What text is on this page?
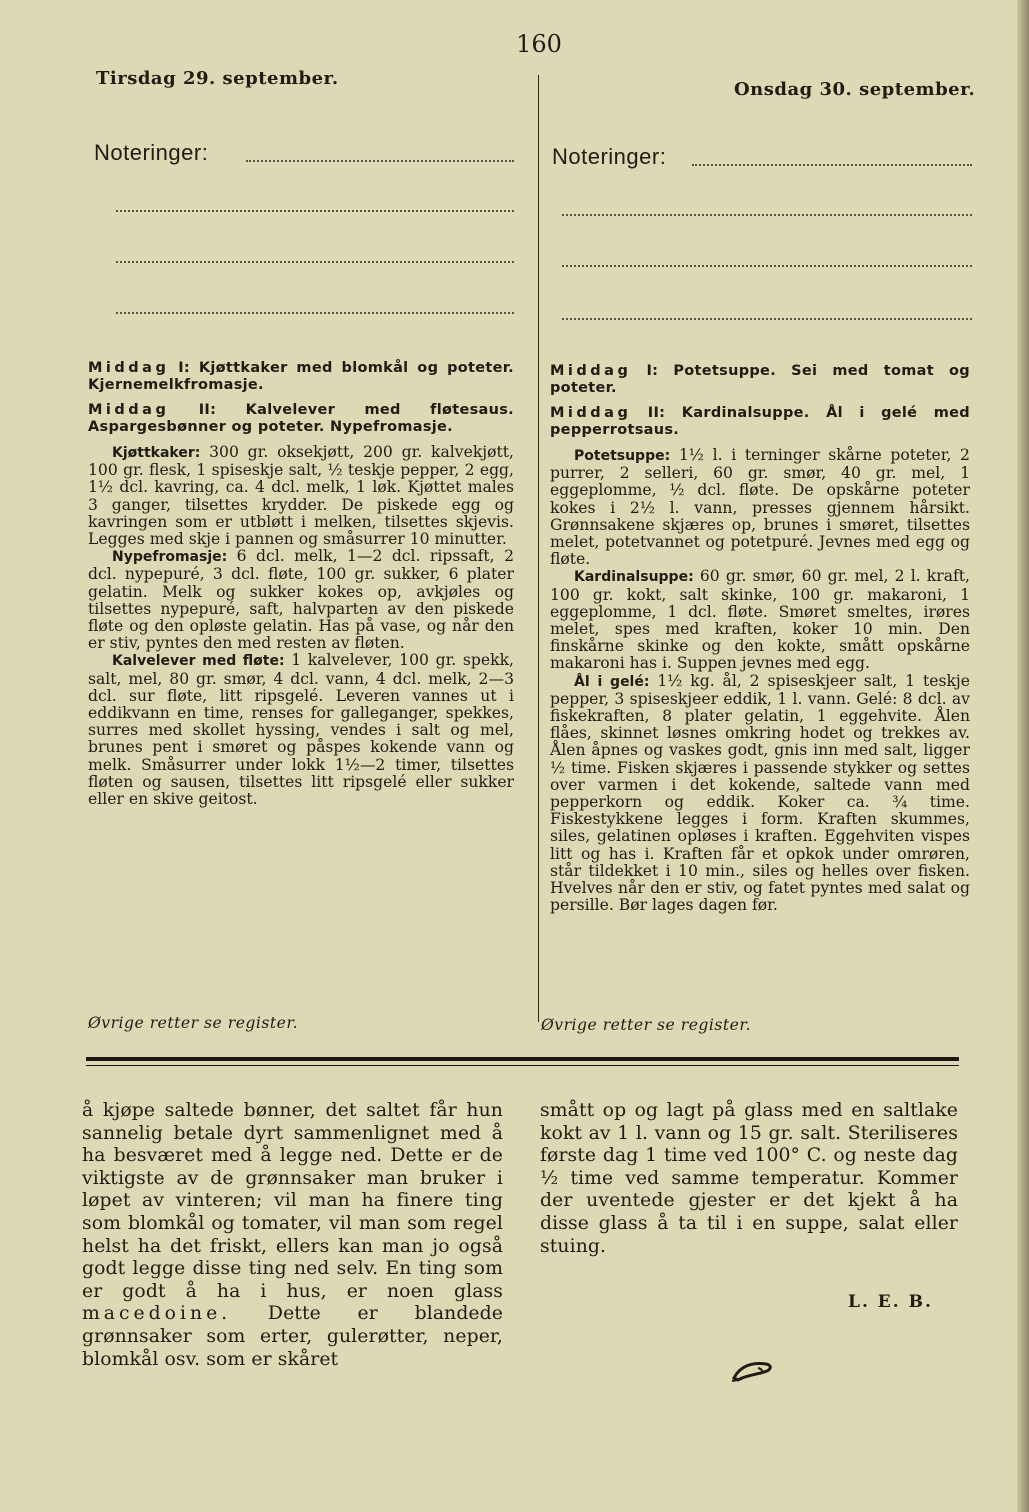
160
Tirsdag 29. september.
Noteringer:
Onsdag 30. september.
Noteringer:

Middag I: Kjøttkaker med blomkål og poteter. Kjernemelkfromasje.

Middag II: Kalvelever med fløtesaus. Aspargesbønner og poteter. Nypefromasje.

Kjøttkaker: 300 gr. oksekjøtt, 200 gr. kalvekjøtt, 100 gr. flesk, 1 spiseskje salt, ½ teskje pepper, 2 egg, 1½ dcl. kavring, ca. 4 dcl. melk, 1 løk. Kjøttet males 3 ganger, tilsettes krydder. De piskede egg og kavringen som er utbløtt i melken, tilsettes skjevis. Legges med skje i pannen og småsurrer 10 minutter.

Nypefromasje: 6 dcl. melk, 1—2 dcl. ripssaft, 2 dcl. nypepuré, 3 dcl. fløte, 100 gr. sukker, 6 plater gelatin. Melk og sukker kokes op, avkjøles og tilsettes nypepuré, saft, halvparten av den piskede fløte og den opløste gelatin. Has på vase, og når den er stiv, pyntes den med resten av fløten.

Kalvelever med fløte: 1 kalvelever, 100 gr. spekk, salt, mel, 80 gr. smør, 4 dcl. vann, 4 dcl. melk, 2—3 dcl. sur fløte, litt ripsgelé. Leveren vannes ut i eddikvann en time, renses for galleganger, spekkes, surres med skollet hyssing, vendes i salt og mel, brunes pent i smøret og påspes kokende vann og melk. Småsurrer under lokk 1½—2 timer, tilsettes fløten og sausen, tilsettes litt ripsgelé eller sukker eller en skive geitost.

Øvrige retter se register.

Middag I: Potetsuppe. Sei med tomat og poteter.

Middag II: Kardinalsuppe. Ål i gelé med pepperrotsaus.

Potetsuppe: 1½ l. i terninger skårne poteter, 2 purrer, 2 selleri, 60 gr. smør, 40 gr. mel, 1 eggeplomme, ½ dcl. fløte. De opskårne poteter kokes i 2½ l. vann, presses gjennem hårsikt. Grønnsakene skjæres op, brunes i smøret, tilsettes melet, potetvannet og potetpuré. Jevnes med egg og fløte.

Kardinalsuppe: 60 gr. smør, 60 gr. mel, 2 l. kraft, 100 gr. kokt, salt skinke, 100 gr. makaroni, 1 eggeplomme, 1 dcl. fløte. Smøret smeltes, irøres melet, spes med kraften, koker 10 min. Den finskårne skinke og den kokte, smått opskårne makaroni has i. Suppen jevnes med egg.

Ål i gelé: 1½ kg. ål, 2 spiseskjeer salt, 1 teskje pepper, 3 spiseskjeer eddik, 1 l. vann. Gelé: 8 dcl. av fiskekraften, 8 plater gelatin, 1 eggehvite. Ålen flåes, skinnet løsnes omkring hodet og trekkes av. Ålen åpnes og vaskes godt, gnis inn med salt, ligger ½ time. Fisken skjæres i passende stykker og settes over varmen i det kokende, saltede vann med pepperkorn og eddik. Koker ca. ¾ time. Fiskestykkene legges i form. Kraften skummes, siles, gelatinen opløses i kraften. Eggehviten vispes litt og has i. Kraften får et opkok under omrøren, står tildekket i 10 min., siles og helles over fisken. Hvelves når den er stiv, og fatet pyntes med salat og persille. Bør lages dagen før.

Øvrige retter se register.

å kjøpe saltede bønner, det saltet får hun sannelig betale dyrt sammenlignet med å ha besværet med å legge ned. Dette er de viktigste av de grønnsaker man bruker i løpet av vinteren; vil man ha finere ting som blomkål og tomater, vil man som regel helst ha det friskt, ellers kan man jo også godt legge disse ting ned selv. En ting som er godt å ha i hus, er noen glass macedoine. Dette er blandede grønnsaker som erter, gulerøtter, neper, blomkål osv. som er skåret

smått op og lagt på glass med en saltlake kokt av 1 l. vann og 15 gr. salt. Steriliseres første dag 1 time ved 100° C. og neste dag ½ time ved samme temperatur. Kommer der uventede gjester er det kjekt å ha disse glass å ta til i en suppe, salat eller stuing.

L. E. B.
